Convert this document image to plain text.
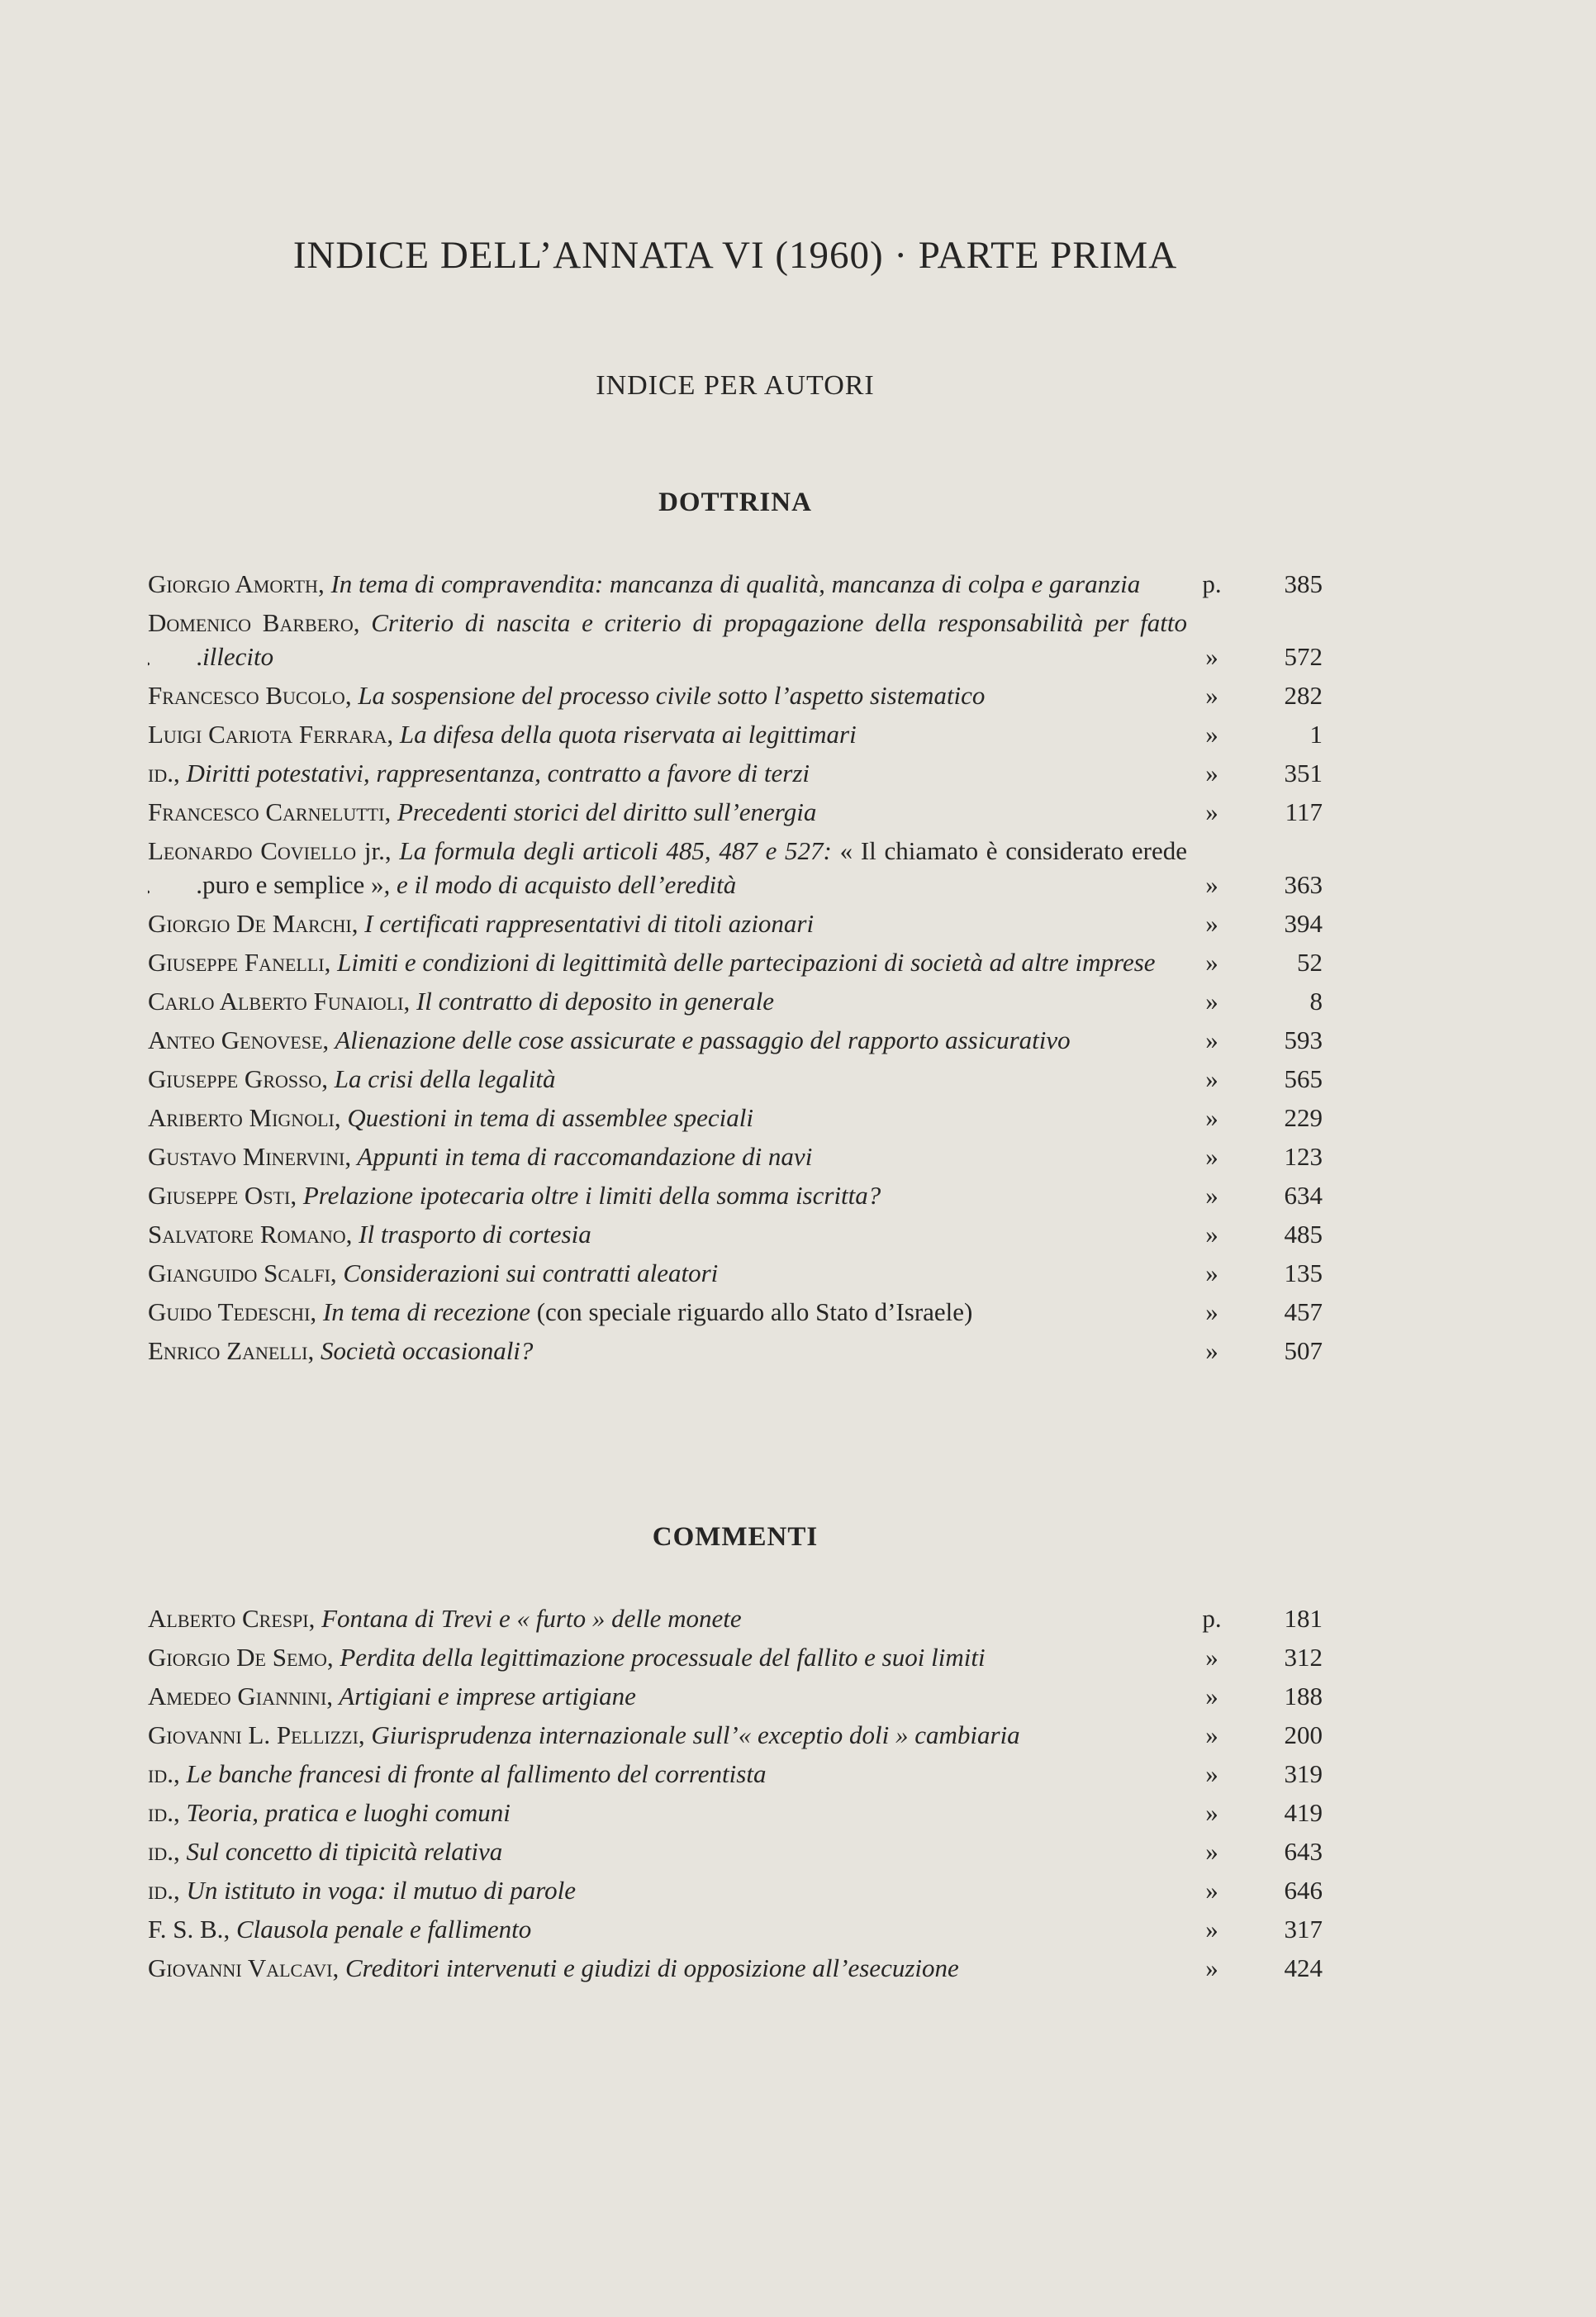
INDICE DELL’ANNATA VI (1960) · PARTE PRIMA
INDICE PER AUTORI
DOTTRINA
Giorgio Amorth, In tema di compravendita: mancanza di qualità, mancanza di colpa e garanzia .	p.	385
Domenico Barbero, Criterio di nascita e criterio di propagazione della responsabilità per fatto illecito .	»	572
Francesco Bucolo, La sospensione del processo civile sotto l’aspetto sistematico .	»	282
Luigi Cariota Ferrara, La difesa della quota riservata ai legittimari .	»	1
id., Diritti potestativi, rappresentanza, contratto a favore di terzi .	»	351
Francesco Carnelutti, Precedenti storici del diritto sull’energia .	»	117
Leonardo Coviello jr., La formula degli articoli 485, 487 e 527: « Il chiamato è considerato erede puro e semplice », e il modo di acquisto dell’eredità .	»	363
Giorgio De Marchi, I certificati rappresentativi di titoli azionari .	»	394
Giuseppe Fanelli, Limiti e condizioni di legittimità delle partecipazioni di società ad altre imprese .	»	52
Carlo Alberto Funaioli, Il contratto di deposito in generale .	»	8
Anteo Genovese, Alienazione delle cose assicurate e passaggio del rapporto assicurativo .	»	593
Giuseppe Grosso, La crisi della legalità .	»	565
Ariberto Mignoli, Questioni in tema di assemblee speciali .	»	229
Gustavo Minervini, Appunti in tema di raccomandazione di navi .	»	123
Giuseppe Osti, Prelazione ipotecaria oltre i limiti della somma iscritta? .	»	634
Salvatore Romano, Il trasporto di cortesia .	»	485
Gianguido Scalfi, Considerazioni sui contratti aleatori .	»	135
Guido Tedeschi, In tema di recezione (con speciale riguardo allo Stato d’Israele) .	»	457
Enrico Zanelli, Società occasionali? .	»	507
COMMENTI
Alberto Crespi, Fontana di Trevi e « furto » delle monete .	p.	181
Giorgio De Semo, Perdita della legittimazione processuale del fallito e suoi limiti .	»	312
Amedeo Giannini, Artigiani e imprese artigiane .	»	188
Giovanni L. Pellizzi, Giurisprudenza internazionale sull’« exceptio doli » cambiaria .	»	200
id., Le banche francesi di fronte al fallimento del correntista .	»	319
id., Teoria, pratica e luoghi comuni .	»	419
id., Sul concetto di tipicità relativa .	»	643
id., Un istituto in voga: il mutuo di parole .	»	646
F. S. B., Clausola penale e fallimento .	»	317
Giovanni Valcavi, Creditori intervenuti e giudizi di opposizione all’esecuzione .	»	424
